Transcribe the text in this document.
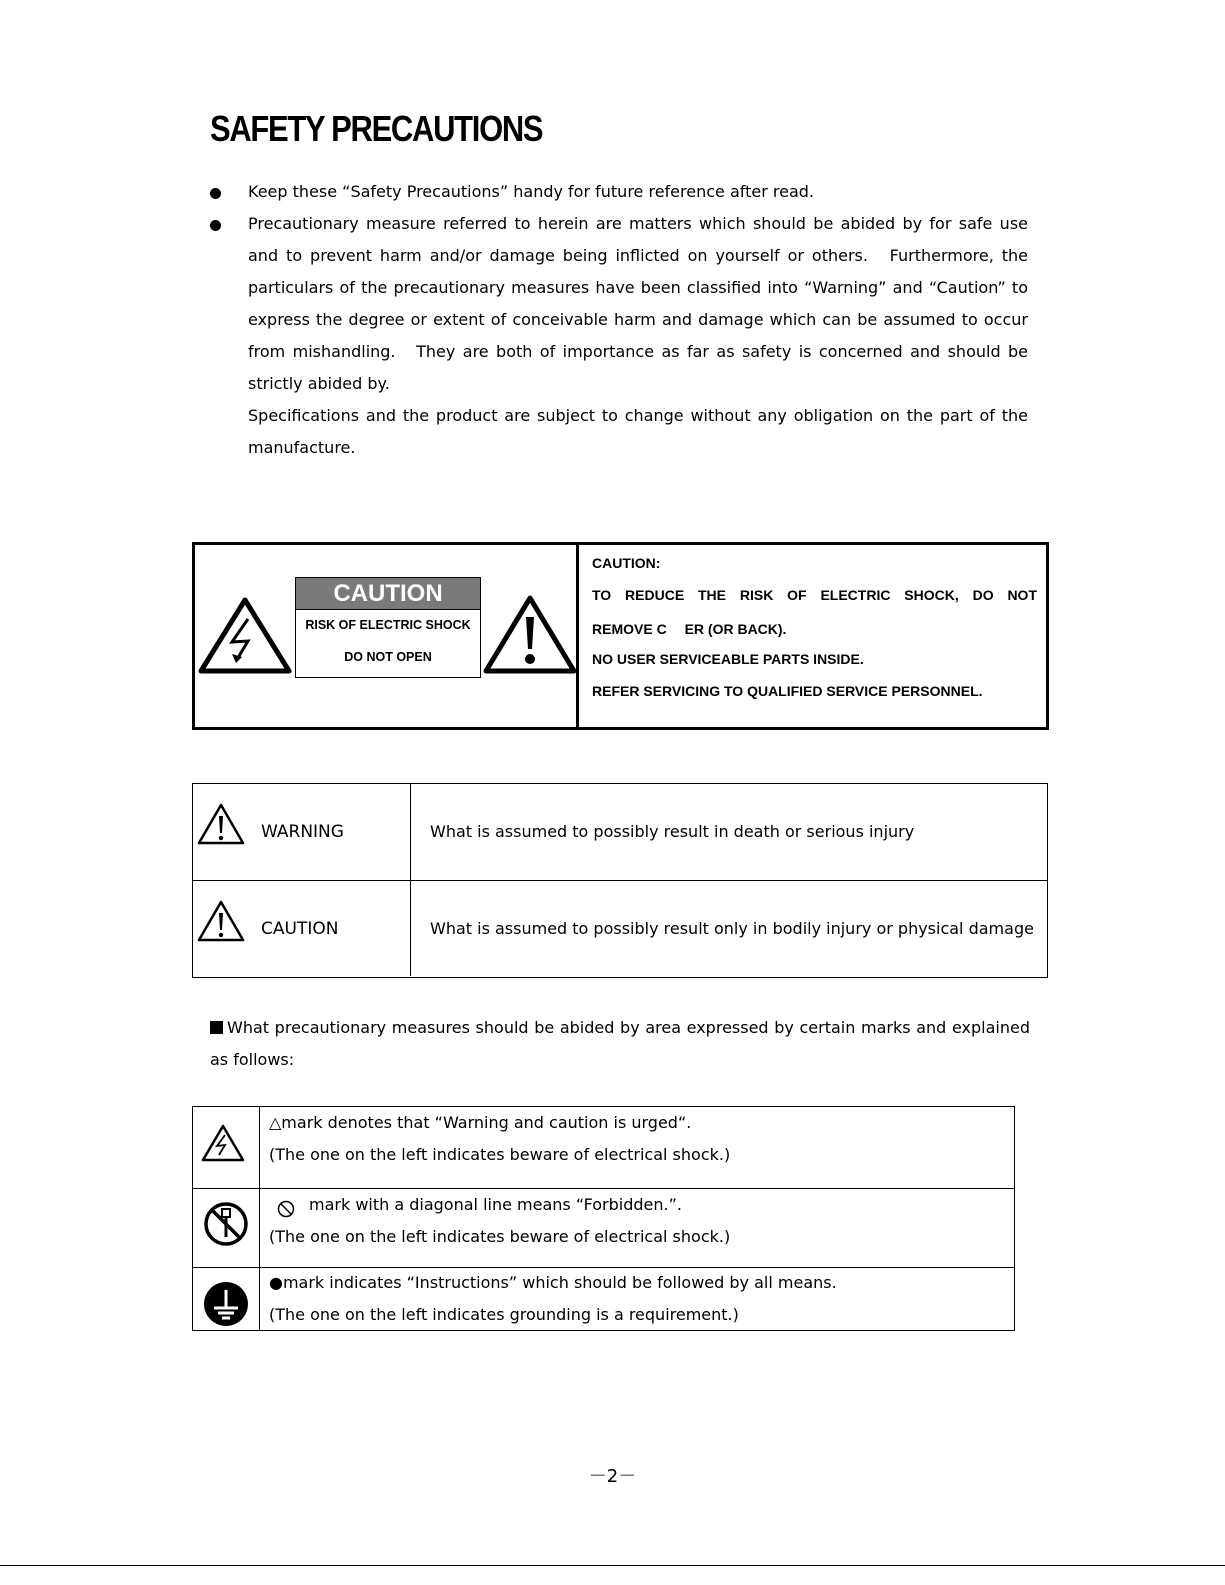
SAFETY PRECAUTIONS
Keep these “Safety Precautions” handy for future reference after read.
Precautionary measure referred to herein are matters which should be abided by for safe use and to prevent harm and/or damage being inflicted on yourself or others.　Furthermore, the particulars of the precautionary measures have been classified into “Warning” and “Caution” to express the degree or extent of conceivable harm and damage which can be assumed to occur from mishandling.　They are both of importance as far as safety is concerned and should be strictly abided by.
Specifications and the product are subject to change without any obligation on the part of the manufacture.
CAUTION
RISK OF ELECTRIC SHOCK
DO NOT OPEN
CAUTION:
TO REDUCE THE RISK OF ELECTRIC SHOCK, DO NOT
REMOVE C　 ER (OR BACK).
NO USER SERVICEABLE PARTS INSIDE.
REFER SERVICING TO QUALIFIED SERVICE PERSONNEL.
WARNING	What is assumed to possibly result in death or serious injury
CAUTION	What is assumed to possibly result only in bodily injury or physical damage
What precautionary measures should be abided by area expressed by certain marks and explained as follows:
△mark denotes that “Warning and caution is urged“.
(The one on the left indicates beware of electrical shock.)
mark with a diagonal line means “Forbidden.”.
(The one on the left indicates beware of electrical shock.)
●mark indicates “Instructions” which should be followed by all means.
(The one on the left indicates grounding is a requirement.)
－2－
